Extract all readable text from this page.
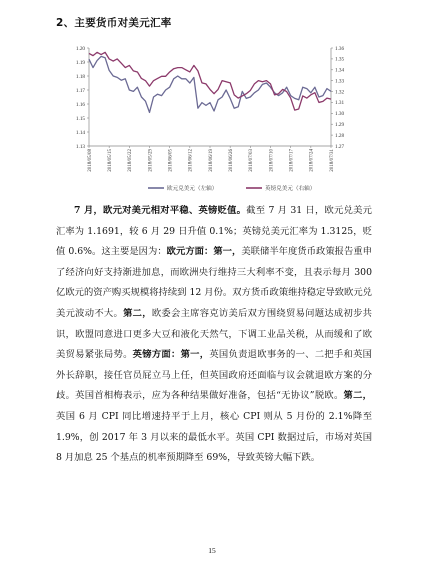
2、主要货币对美元汇率
1.20
1.19
1.18
1.17
1.16
1.15
1.14
1.13
1.36
1.35
1.34
1.33
1.32
1.31
1.30
1.29
1.28
1.27
2018/05/08	2018/05/15	2018/05/22	2018/05/29	2018/06/05	2018/06/12	2018/06/19	2018/06/26	2018/07/03	2018/07/10	2018/07/17	2018/07/24	2018/07/31
欧元兑美元（左轴）	英镑兑美元（右轴）
7 月，欧元对美元相对平稳、英镑贬值。截至 7 月 31 日，欧元兑美元汇率为 1.1691，较 6 月 29 日升值 0.1%；英镑兑美元汇率为 1.3125，贬值 0.6%。这主要是因为：欧元方面：第一，美联储半年度货币政策报告重申了经济向好支持渐进加息，而欧洲央行维持三大利率不变，且表示每月 300 亿欧元的资产购买规模将持续到 12 月份。双方货币政策维持稳定导致欧元兑美元波动不大。第二，欧委会主席容克访美后双方围绕贸易问题达成初步共识，欧盟同意进口更多大豆和液化天然气，下调工业品关税，从而缓和了欧美贸易紧张局势。英镑方面：第一，英国负责退欧事务的一、二把手和英国外长辞职，接任官员屁立马上任，但英国政府还面临与议会就退欧方案的分歧。英国首相梅表示，应为各种结果做好准备，包括“无协议”脱欧。第二，英国 6 月 CPI 同比增速持平于上月，核心 CPI 则从 5 月份的 2.1%降至 1.9%，创 2017 年 3 月以来的最低水平。英国 CPI 数据过后，市场对英国 8 月加息 25 个基点的机率预期降至 69%，导致英镑大幅下跌。
15
